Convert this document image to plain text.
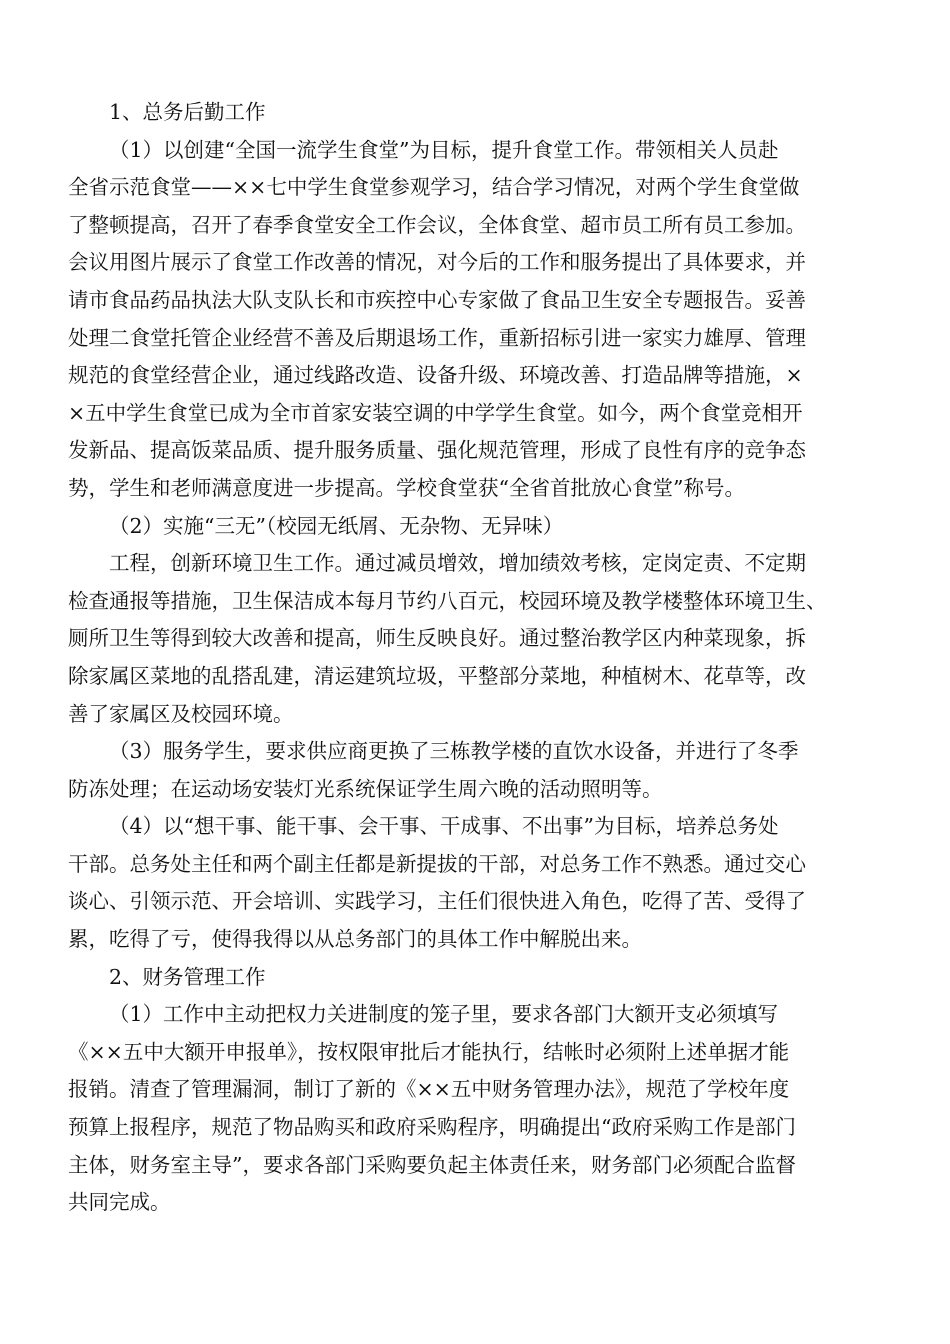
1、总务后勤工作

（1）以创建“全国一流学生食堂”为目标，提升食堂工作。带领相关人员赴
全省示范食堂——××七中学生食堂参观学习，结合学习情况，对两个学生食堂做
了整顿提高，召开了春季食堂安全工作会议，全体食堂、超市员工所有员工参加。
会议用图片展示了食堂工作改善的情况，对今后的工作和服务提出了具体要求，并
请市食品药品执法大队支队长和市疾控中心专家做了食品卫生安全专题报告。妥善
处理二食堂托管企业经营不善及后期退场工作，重新招标引进一家实力雄厚、管理
规范的食堂经营企业，通过线路改造、设备升级、环境改善、打造品牌等措施，×
×五中学生食堂已成为全市首家安装空调的中学学生食堂。如今，两个食堂竞相开
发新品、提高饭菜品质、提升服务质量、强化规范管理，形成了良性有序的竞争态
势，学生和老师满意度进一步提高。学校食堂获“全省首批放心食堂”称号。

（2）实施“三无”（校园无纸屑、无杂物、无异味）

工程，创新环境卫生工作。通过减员增效，增加绩效考核，定岗定责、不定期
检查通报等措施，卫生保洁成本每月节约八百元，校园环境及教学楼整体环境卫生、
厕所卫生等得到较大改善和提高，师生反映良好。通过整治教学区内种菜现象，拆
除家属区菜地的乱搭乱建，清运建筑垃圾，平整部分菜地，种植树木、花草等，改
善了家属区及校园环境。

（3）服务学生，要求供应商更换了三栋教学楼的直饮水设备，并进行了冬季
防冻处理；在运动场安装灯光系统保证学生周六晚的活动照明等。

（4）以“想干事、能干事、会干事、干成事、不出事”为目标，培养总务处
干部。总务处主任和两个副主任都是新提拔的干部，对总务工作不熟悉。通过交心
谈心、引领示范、开会培训、实践学习，主任们很快进入角色，吃得了苦、受得了
累，吃得了亏，使得我得以从总务部门的具体工作中解脱出来。

2、财务管理工作

（1）工作中主动把权力关进制度的笼子里，要求各部门大额开支必须填写
《××五中大额开申报单》，按权限审批后才能执行，结帐时必须附上述单据才能
报销。清查了管理漏洞，制订了新的《××五中财务管理办法》，规范了学校年度
预算上报程序，规范了物品购买和政府采购程序，明确提出“政府采购工作是部门
主体，财务室主导”，要求各部门采购要负起主体责任来，财务部门必须配合监督
共同完成。
